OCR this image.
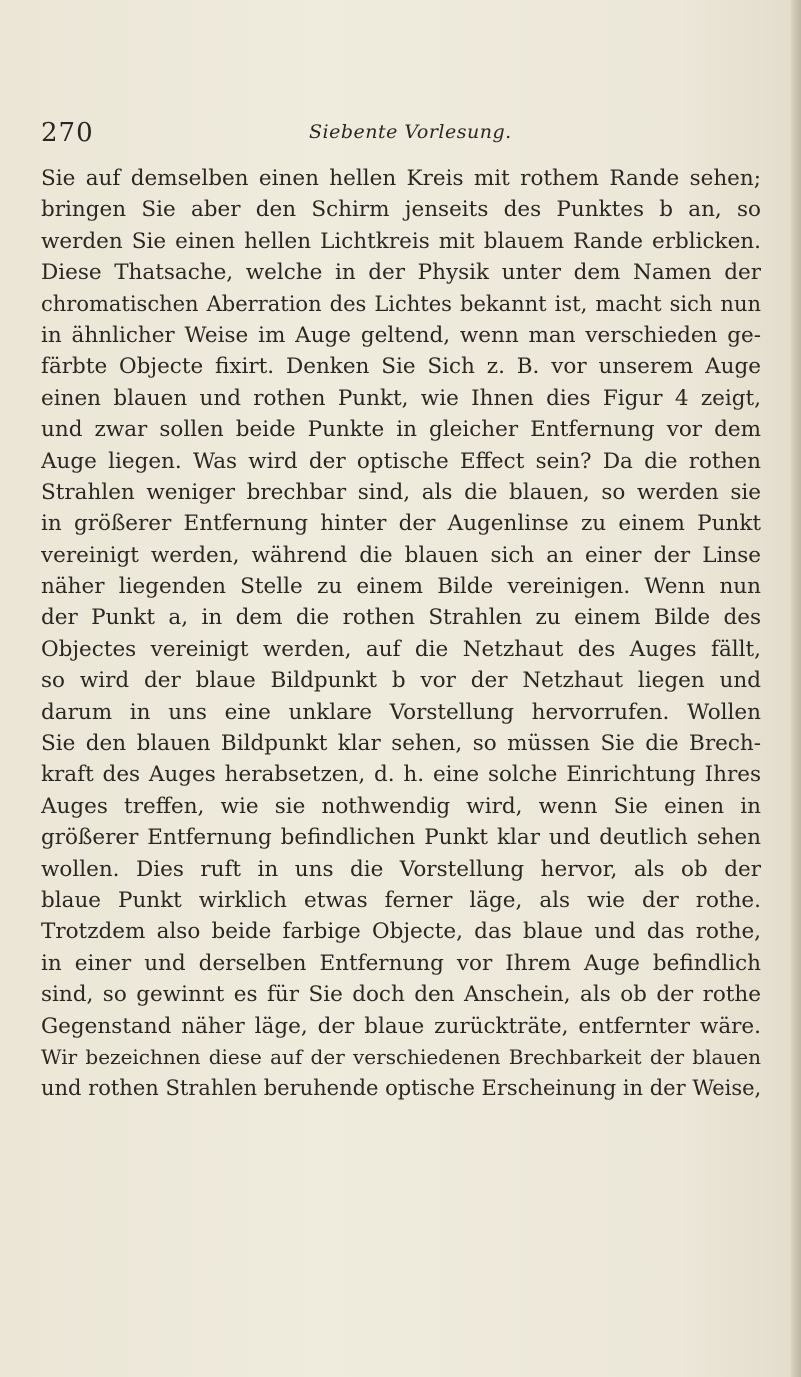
270	Siebente Vorlesung.
Sie auf demselben einen hellen Kreis mit rothem Rande sehen;
bringen Sie aber den Schirm jenseits des Punktes b an, so
werden Sie einen hellen Lichtkreis mit blauem Rande erblicken.
Diese Thatsache, welche in der Physik unter dem Namen der
chromatischen Aberration des Lichtes bekannt ist, macht sich nun
in ähnlicher Weise im Auge geltend, wenn man verschieden ge-
färbte Objecte fixirt. Denken Sie Sich z. B. vor unserem Auge
einen blauen und rothen Punkt, wie Ihnen dies Figur 4 zeigt,
und zwar sollen beide Punkte in gleicher Entfernung vor dem
Auge liegen. Was wird der optische Effect sein? Da die rothen
Strahlen weniger brechbar sind, als die blauen, so werden sie
in größerer Entfernung hinter der Augenlinse zu einem Punkt
vereinigt werden, während die blauen sich an einer der Linse
näher liegenden Stelle zu einem Bilde vereinigen. Wenn nun
der Punkt a, in dem die rothen Strahlen zu einem Bilde des
Objectes vereinigt werden, auf die Netzhaut des Auges fällt,
so wird der blaue Bildpunkt b vor der Netzhaut liegen und
darum in uns eine unklare Vorstellung hervorrufen. Wollen
Sie den blauen Bildpunkt klar sehen, so müssen Sie die Brech-
kraft des Auges herabsetzen, d. h. eine solche Einrichtung Ihres
Auges treffen, wie sie nothwendig wird, wenn Sie einen in
größerer Entfernung befindlichen Punkt klar und deutlich sehen
wollen. Dies ruft in uns die Vorstellung hervor, als ob der
blaue Punkt wirklich etwas ferner läge, als wie der rothe.
Trotzdem also beide farbige Objecte, das blaue und das rothe,
in einer und derselben Entfernung vor Ihrem Auge befindlich
sind, so gewinnt es für Sie doch den Anschein, als ob der rothe
Gegenstand näher läge, der blaue zurückträte, entfernter wäre.
Wir bezeichnen diese auf der verschiedenen Brechbarkeit der blauen
und rothen Strahlen beruhende optische Erscheinung in der Weise,
